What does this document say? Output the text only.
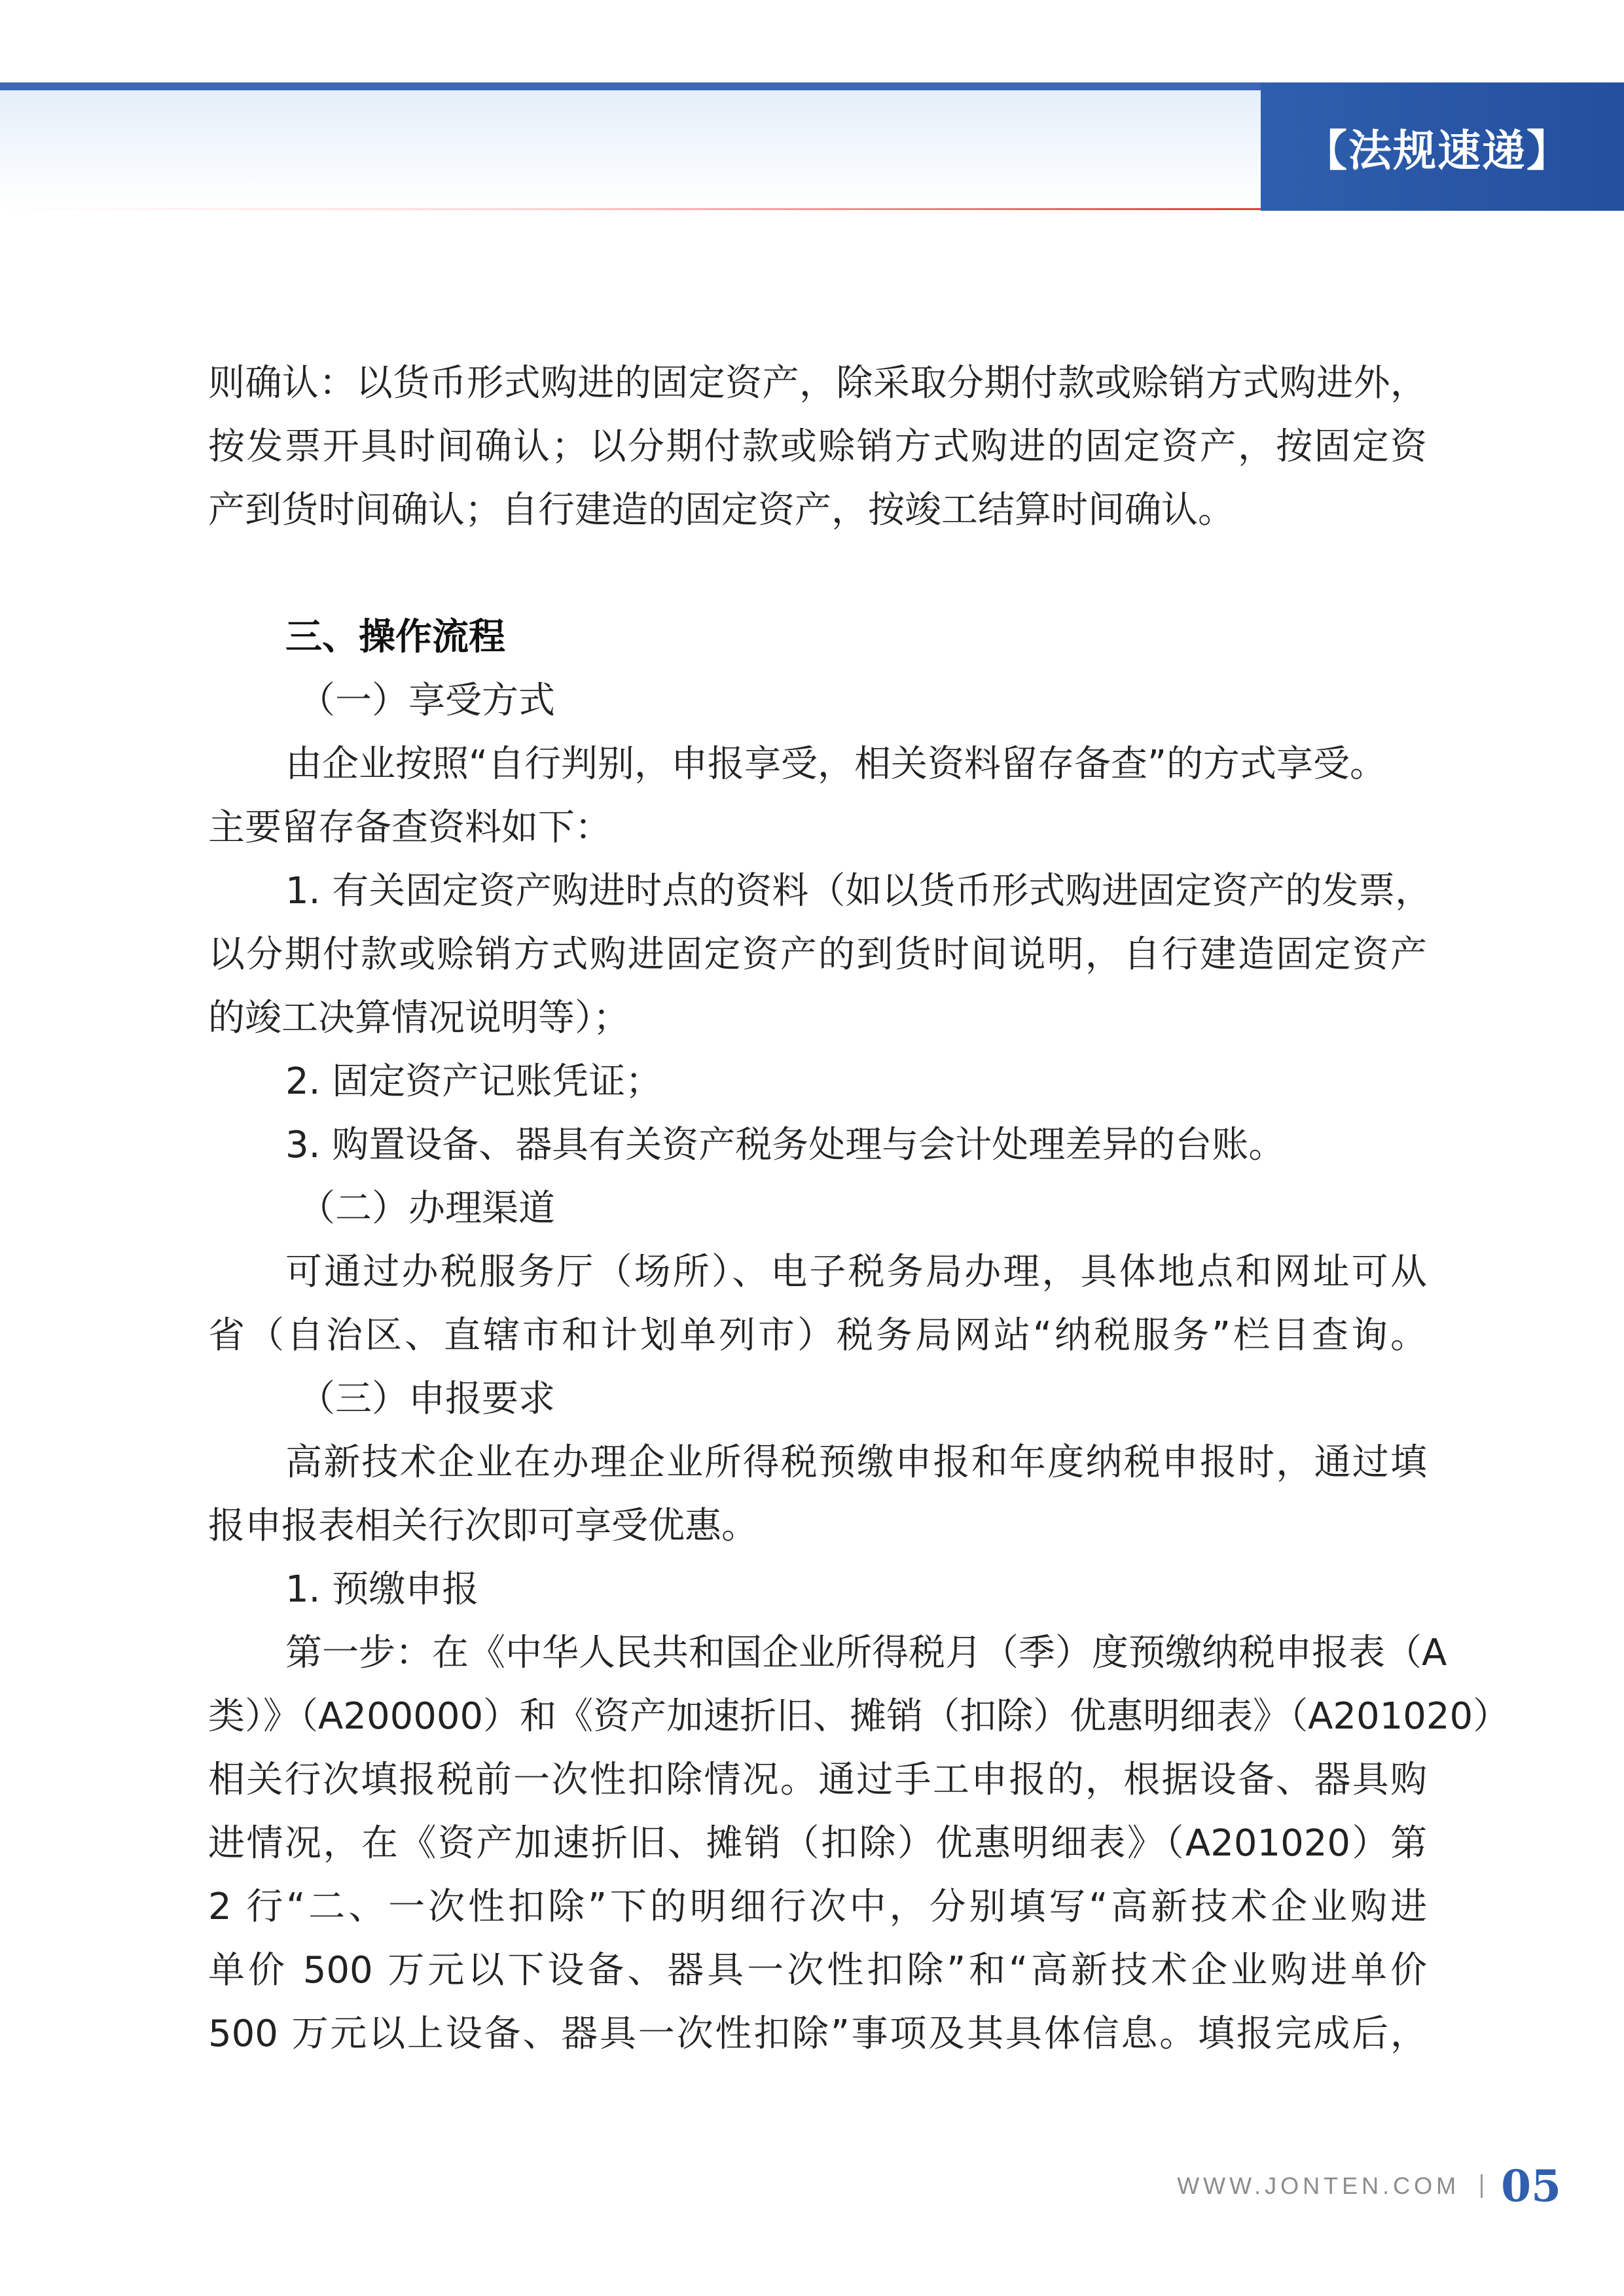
【法规速递】
则确认：以货币形式购进的固定资产，除采取分期付款或赊销方式购进外，
按发票开具时间确认；以分期付款或赊销方式购进的固定资产，按固定资
产到货时间确认；自行建造的固定资产，按竣工结算时间确认。
三、操作流程
（一）享受方式
由企业按照“自行判别，申报享受，相关资料留存备查”的方式享受。
主要留存备查资料如下：
1. 有关固定资产购进时点的资料（如以货币形式购进固定资产的发票，
以分期付款或赊销方式购进固定资产的到货时间说明，自行建造固定资产
的竣工决算情况说明等）；
2. 固定资产记账凭证；
3. 购置设备、器具有关资产税务处理与会计处理差异的台账。
（二）办理渠道
可通过办税服务厅（场所）、电子税务局办理，具体地点和网址可从
省（自治区、直辖市和计划单列市）税务局网站“纳税服务”栏目查询。
（三）申报要求
高新技术企业在办理企业所得税预缴申报和年度纳税申报时，通过填
报申报表相关行次即可享受优惠。
1. 预缴申报
第一步：在《中华人民共和国企业所得税月（季）度预缴纳税申报表（A
类）》（A200000）和《资产加速折旧、摊销（扣除）优惠明细表》（A201020）
相关行次填报税前一次性扣除情况。通过手工申报的，根据设备、器具购
进情况，在《资产加速折旧、摊销（扣除）优惠明细表》（A201020）第
2 行“二、一次性扣除”下的明细行次中，分别填写“高新技术企业购进
单价 500 万元以下设备、器具一次性扣除”和“高新技术企业购进单价
500 万元以上设备、器具一次性扣除”事项及其具体信息。填报完成后，
WWW.JONTEN.COM 05
